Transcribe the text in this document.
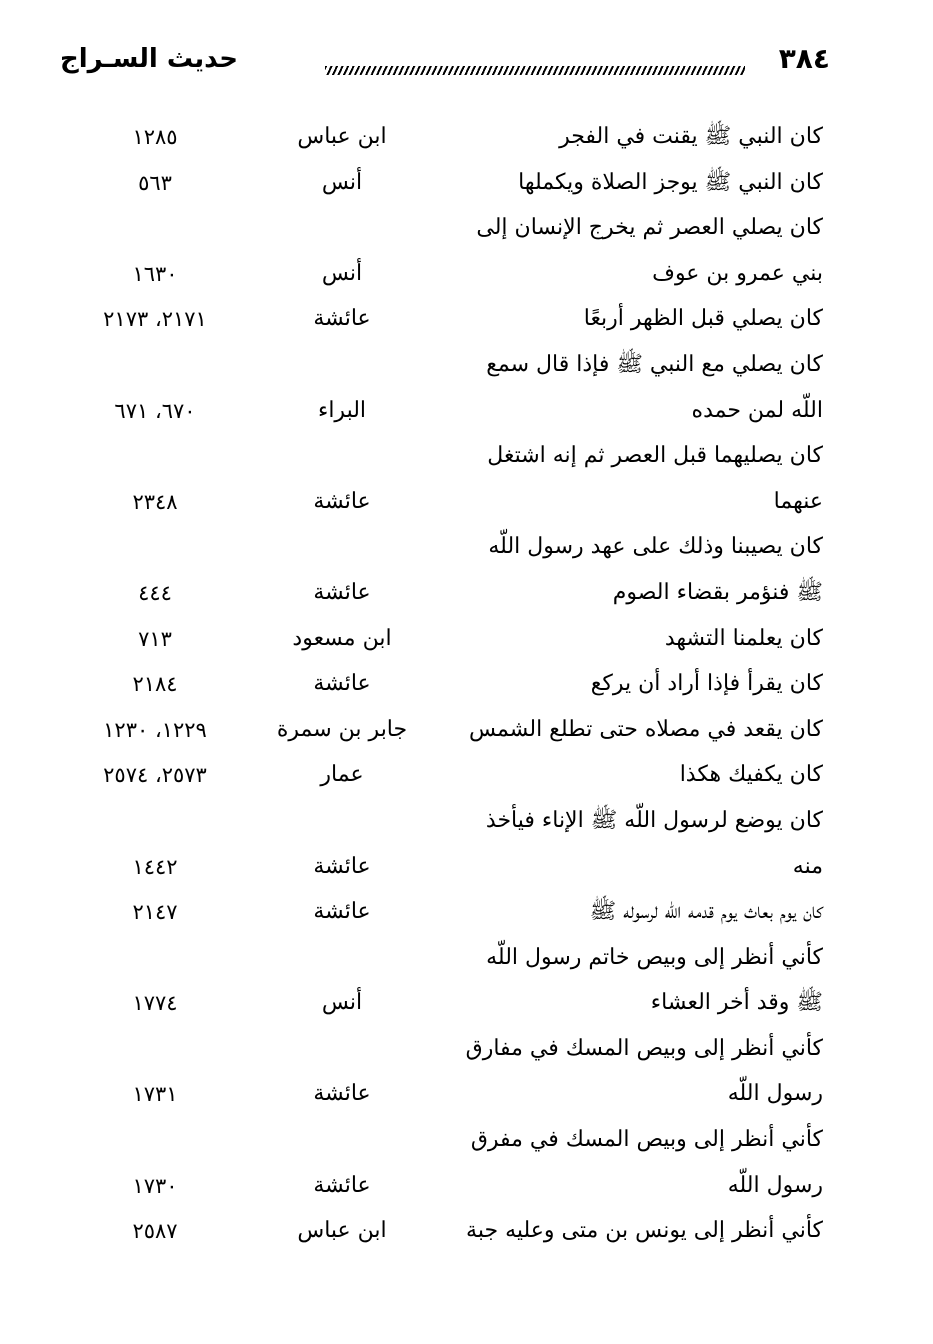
حديث السـراج	٣٨٤
كان النبي ﷺ يقنت في الفجر
ابن عباس
١٢٨٥
كان النبي ﷺ يوجز الصلاة ويكملها
أنس
٥٦٣
كان يصلي العصر ثم يخرج الإنسان إلى
بني عمرو بن عوف
أنس
١٦٣٠
كان يصلي قبل الظهر أربعًا
عائشة
٢١٧١، ٢١٧٣
كان يصلي مع النبي ﷺ فإذا قال سمع
اللّه لمن حمده
البراء
٦٧٠، ٦٧١
كان يصليهما قبل العصر ثم إنه اشتغل
عنهما
عائشة
٢٣٤٨
كان يصيبنا وذلك على عهد رسول اللّه
ﷺ فنؤمر بقضاء الصوم
عائشة
٤٤٤
كان يعلمنا التشهد
ابن مسعود
٧١٣
كان يقرأ فإذا أراد أن يركع
عائشة
٢١٨٤
كان يقعد في مصلاه حتى تطلع الشمس
جابر بن سمرة
١٢٢٩، ١٢٣٠
كان يكفيك هكذا
عمار
٢٥٧٣، ٢٥٧٤
كان يوضع لرسول اللّه ﷺ الإناء فيأخذ
منه
عائشة
١٤٤٢
كان يوم بعاث يوم قدمه اللّه لرسوله ﷺ
عائشة
٢١٤٧
كأني أنظر إلى وبيص خاتم رسول اللّه
ﷺ وقد أخر العشاء
أنس
١٧٧٤
كأني أنظر إلى وبيص المسك في مفارق
رسول اللّه
عائشة
١٧٣١
كأني أنظر إلى وبيص المسك في مفرق
رسول اللّه
عائشة
١٧٣٠
كأني أنظر إلى يونس بن متى وعليه جبة
ابن عباس
٢٥٨٧
